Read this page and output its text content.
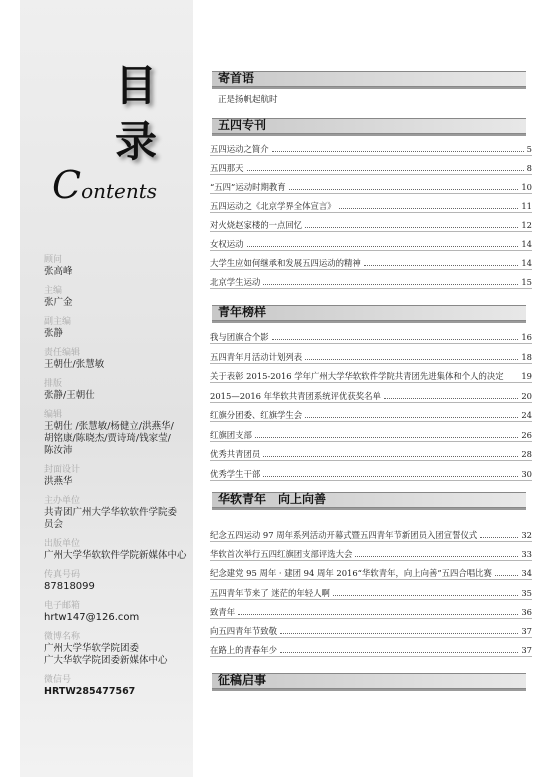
目
录
Contents
顾问
张高峰
主编
张广金
副主编
张静
责任编辑
王朝仕/张慧敏
排版
张静/王朝仕
编辑
王朝仕 /张慧敏/杨健立/洪燕华/
胡铭康/陈晓杰/贾诗琦/钱家莹/
陈汝沛
封面设计
洪燕华
主办单位
共青团广州大学华软软件学院委
员会
出版单位
广州大学华软软件学院新媒体中心
传真号码
87818099
电子邮箱
hrtw147@126.com
微博名称
广州大学华软学院团委
广大华软学院团委新媒体中心
微信号
HRTW285477567
寄首语
正是扬帆起航时
五四专刊
五四运动之简介	5
五四那天	8
“五四”运动时期教育	10
五四运动之《北京学界全体宣言》	11
对火烧赵家楼的一点回忆	12
女权运动	14
大学生应如何继承和发展五四运动的精神	14
北京学生运动	15
青年榜样
我与团旗合个影	16
五四青年月活动计划列表	18
关于表彰 2015-2016 学年广州大学华软软件学院共青团先进集体和个人的决定 19
2015—2016 年华软共青团系统评优获奖名单	20
红旗分团委、红旗学生会	24
红旗团支部	26
优秀共青团员	28
优秀学生干部	30
华软青年　向上向善
纪念五四运动 97 周年系列活动开幕式暨五四青年节新团员入团宣誓仪式	32
华软首次举行五四红旗团支部评选大会	33
纪念建党 95 周年 · 建团 94 周年 2016“华软青年，向上向善”五四合唱比赛	34
五四青年节来了 迷茫的年轻人啊	35
致青年	36
向五四青年节致敬	37
在路上的青春年少	37
征稿启事
